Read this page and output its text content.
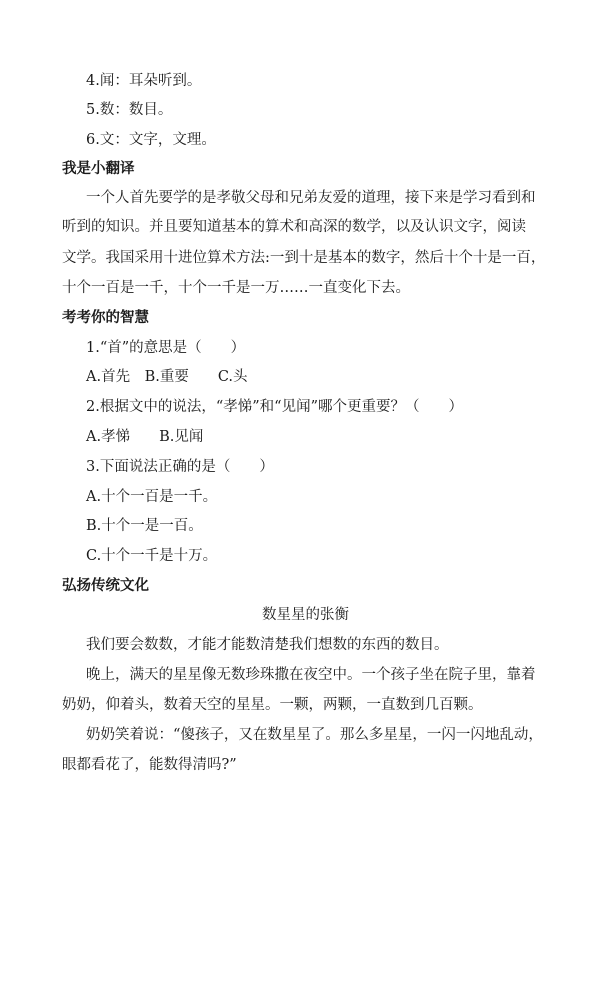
4.闻：耳朵听到。
5.数：数目。
6.文：文字，文理。
我是小翻译
一个人首先要学的是孝敬父母和兄弟友爱的道理，接下来是学习看到和
听到的知识。并且要知道基本的算术和高深的数学，以及认识文字，阅读
文学。我国采用十进位算术方法:一到十是基本的数字，然后十个十是一百，
十个一百是一千，十个一千是一万……一直变化下去。
考考你的智慧
1.“首”的意思是（　　）
A.首先　B.重要　　C.头
2.根据文中的说法，“孝悌”和“见闻”哪个更重要？（　　）
A.孝悌　　B.见闻
3.下面说法正确的是（　　）
A.十个一百是一千。
B.十个一是一百。
C.十个一千是十万。
弘扬传统文化
数星星的张衡
我们要会数数，才能才能数清楚我们想数的东西的数目。
晚上，满天的星星像无数珍珠撒在夜空中。一个孩子坐在院子里，靠着
奶奶，仰着头，数着天空的星星。一颗，两颗，一直数到几百颗。
奶奶笑着说：“傻孩子，又在数星星了。那么多星星，一闪一闪地乱动，
眼都看花了，能数得清吗?”
